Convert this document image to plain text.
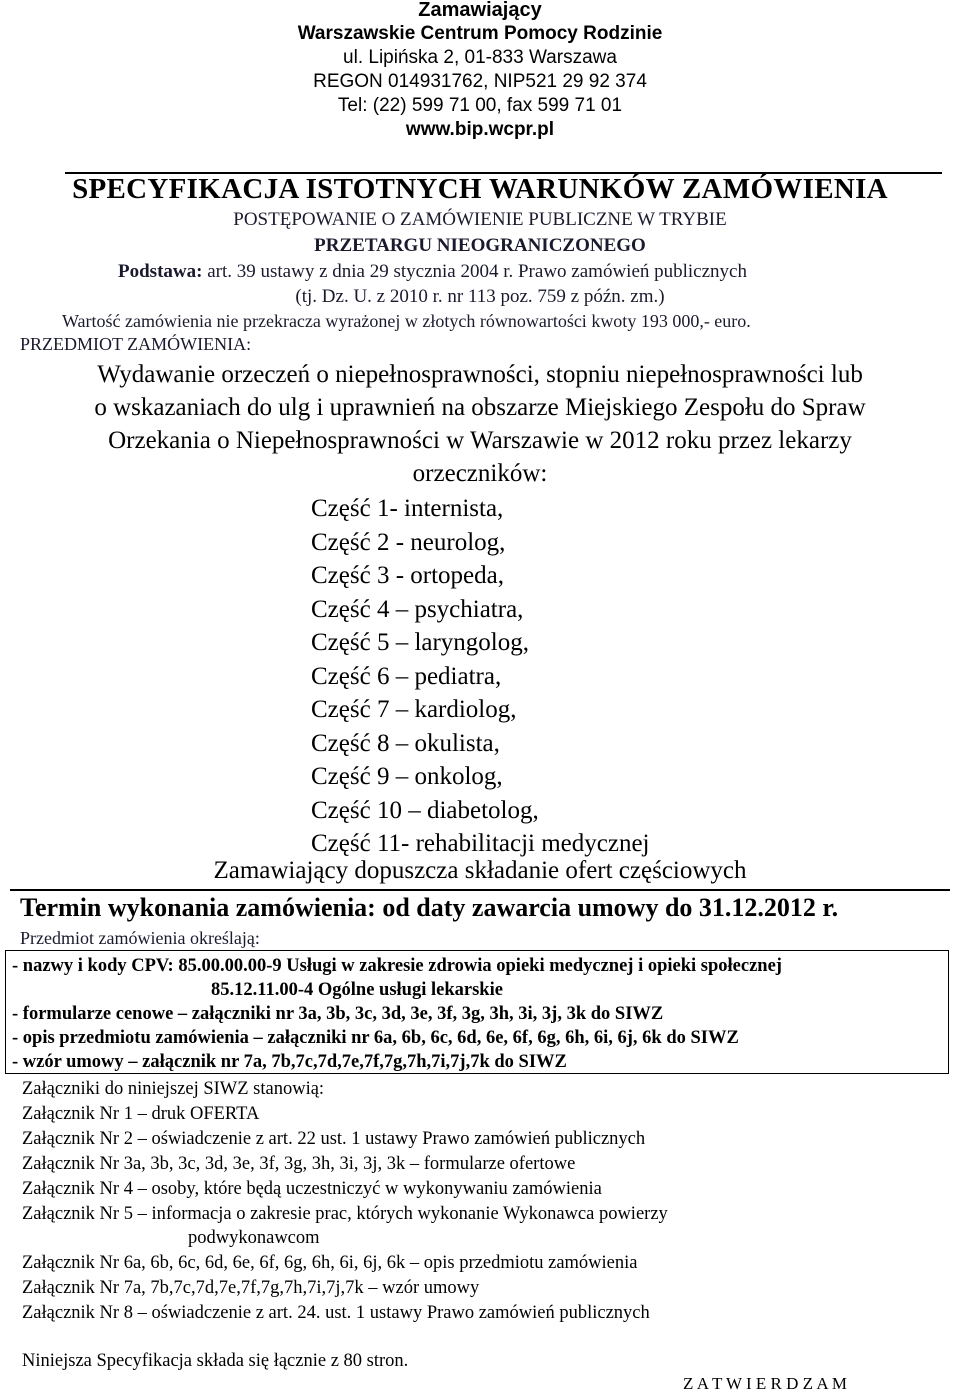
Zamawiający
Warszawskie Centrum Pomocy Rodzinie
ul. Lipińska 2, 01-833 Warszawa
REGON 014931762, NIP521 29 92 374
Tel: (22) 599 71 00, fax 599 71 01
www.bip.wcpr.pl
SPECYFIKACJA ISTOTNYCH WARUNKÓW ZAMÓWIENIA
POSTĘPOWANIE O ZAMÓWIENIE PUBLICZNE W TRYBIE
PRZETARGU NIEOGRANICZONEGO
Podstawa: art. 39 ustawy z dnia 29 stycznia 2004 r. Prawo zamówień publicznych
(tj. Dz. U. z 2010 r. nr 113 poz. 759 z późn. zm.)
Wartość zamówienia nie przekracza wyrażonej w złotych równowartości kwoty 193 000,- euro.
PRZEDMIOT ZAMÓWIENIA:
Wydawanie orzeczeń o niepełnosprawności, stopniu niepełnosprawności lub
o wskazaniach do ulg i uprawnień na obszarze Miejskiego Zespołu do Spraw
Orzekania o Niepełnosprawności w Warszawie w 2012 roku przez lekarzy
orzeczników:
Część 1- internista,
Część 2 - neurolog,
Część 3 - ortopeda,
Część 4 – psychiatra,
Część 5 – laryngolog,
Część 6 – pediatra,
Część 7 – kardiolog,
Część 8 – okulista,
Część 9 – onkolog,
Część 10 – diabetolog,
Część 11- rehabilitacji medycznej
Zamawiający dopuszcza składanie ofert częściowych
Termin wykonania zamówienia: od daty zawarcia umowy do 31.12.2012 r.
Przedmiot zamówienia określają:
- nazwy i kody CPV: 85.00.00.00-9 Usługi w zakresie zdrowia opieki medycznej i opieki społecznej
85.12.11.00-4 Ogólne usługi lekarskie
- formularze cenowe – załączniki nr 3a, 3b, 3c, 3d, 3e, 3f, 3g, 3h, 3i, 3j, 3k do SIWZ
- opis przedmiotu zamówienia – załączniki nr 6a, 6b, 6c, 6d, 6e, 6f, 6g, 6h, 6i, 6j, 6k do SIWZ
- wzór umowy – załącznik nr 7a, 7b,7c,7d,7e,7f,7g,7h,7i,7j,7k do SIWZ
Załączniki do niniejszej SIWZ stanowią:
Załącznik Nr 1 – druk OFERTA
Załącznik Nr 2 – oświadczenie z art. 22 ust. 1 ustawy Prawo zamówień publicznych
Załącznik Nr 3a, 3b, 3c, 3d, 3e, 3f, 3g, 3h, 3i, 3j, 3k – formularze ofertowe
Załącznik Nr 4 – osoby, które będą uczestniczyć w wykonywaniu zamówienia
Załącznik Nr 5 – informacja o zakresie prac, których wykonanie Wykonawca powierzy
podwykonawcom
Załącznik Nr 6a, 6b, 6c, 6d, 6e, 6f, 6g, 6h, 6i, 6j, 6k – opis przedmiotu zamówienia
Załącznik Nr 7a, 7b,7c,7d,7e,7f,7g,7h,7i,7j,7k – wzór umowy
Załącznik Nr 8 – oświadczenie z art. 24. ust. 1 ustawy Prawo zamówień publicznych
Niniejsza Specyfikacja składa się łącznie z 80 stron.
Z A T W I E R D Z A M
